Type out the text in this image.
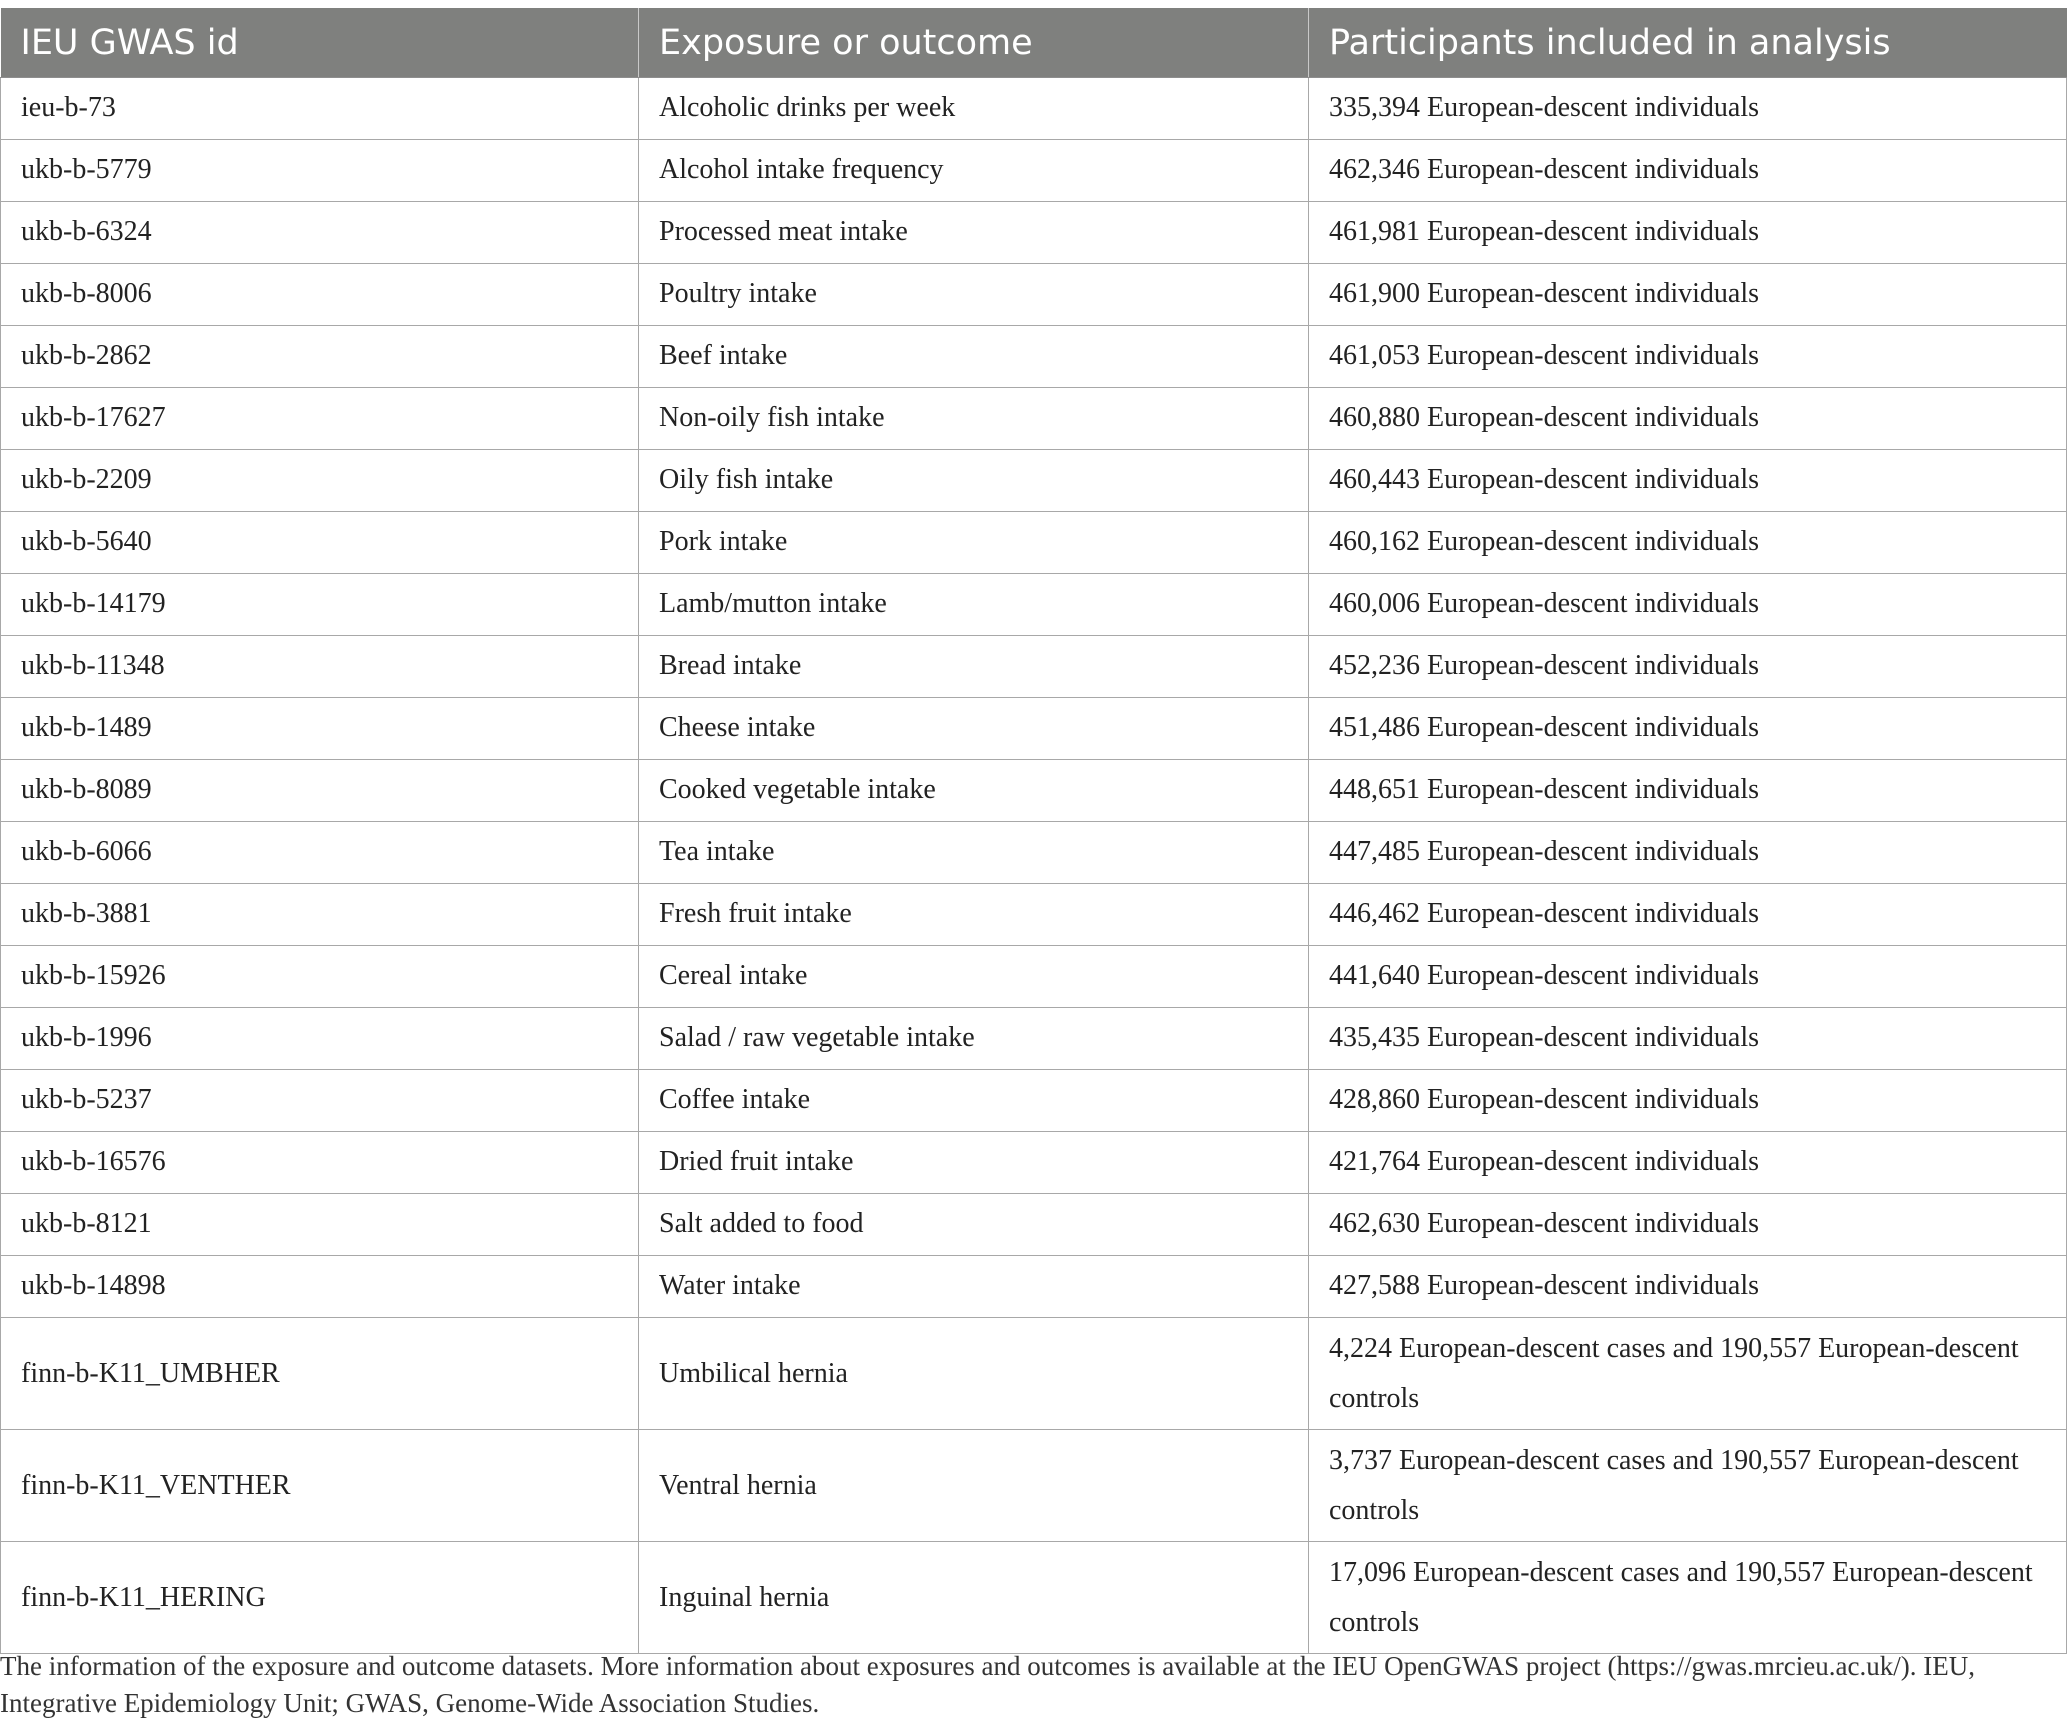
IEU GWAS id	Exposure or outcome	Participants included in analysis
ieu-b-73	Alcoholic drinks per week	335,394 European-descent individuals
ukb-b-5779	Alcohol intake frequency	462,346 European-descent individuals
ukb-b-6324	Processed meat intake	461,981 European-descent individuals
ukb-b-8006	Poultry intake	461,900 European-descent individuals
ukb-b-2862	Beef intake	461,053 European-descent individuals
ukb-b-17627	Non-oily fish intake	460,880 European-descent individuals
ukb-b-2209	Oily fish intake	460,443 European-descent individuals
ukb-b-5640	Pork intake	460,162 European-descent individuals
ukb-b-14179	Lamb/mutton intake	460,006 European-descent individuals
ukb-b-11348	Bread intake	452,236 European-descent individuals
ukb-b-1489	Cheese intake	451,486 European-descent individuals
ukb-b-8089	Cooked vegetable intake	448,651 European-descent individuals
ukb-b-6066	Tea intake	447,485 European-descent individuals
ukb-b-3881	Fresh fruit intake	446,462 European-descent individuals
ukb-b-15926	Cereal intake	441,640 European-descent individuals
ukb-b-1996	Salad / raw vegetable intake	435,435 European-descent individuals
ukb-b-5237	Coffee intake	428,860 European-descent individuals
ukb-b-16576	Dried fruit intake	421,764 European-descent individuals
ukb-b-8121	Salt added to food	462,630 European-descent individuals
ukb-b-14898	Water intake	427,588 European-descent individuals
finn-b-K11_UMBHER	Umbilical hernia	4,224 European-descent cases and 190,557 European-descent controls
finn-b-K11_VENTHER	Ventral hernia	3,737 European-descent cases and 190,557 European-descent controls
finn-b-K11_HERING	Inguinal hernia	17,096 European-descent cases and 190,557 European-descent controls
The information of the exposure and outcome datasets. More information about exposures and outcomes is available at the IEU OpenGWAS project (https://gwas.mrcieu.ac.uk/). IEU, Integrative Epidemiology Unit; GWAS, Genome-Wide Association Studies.
